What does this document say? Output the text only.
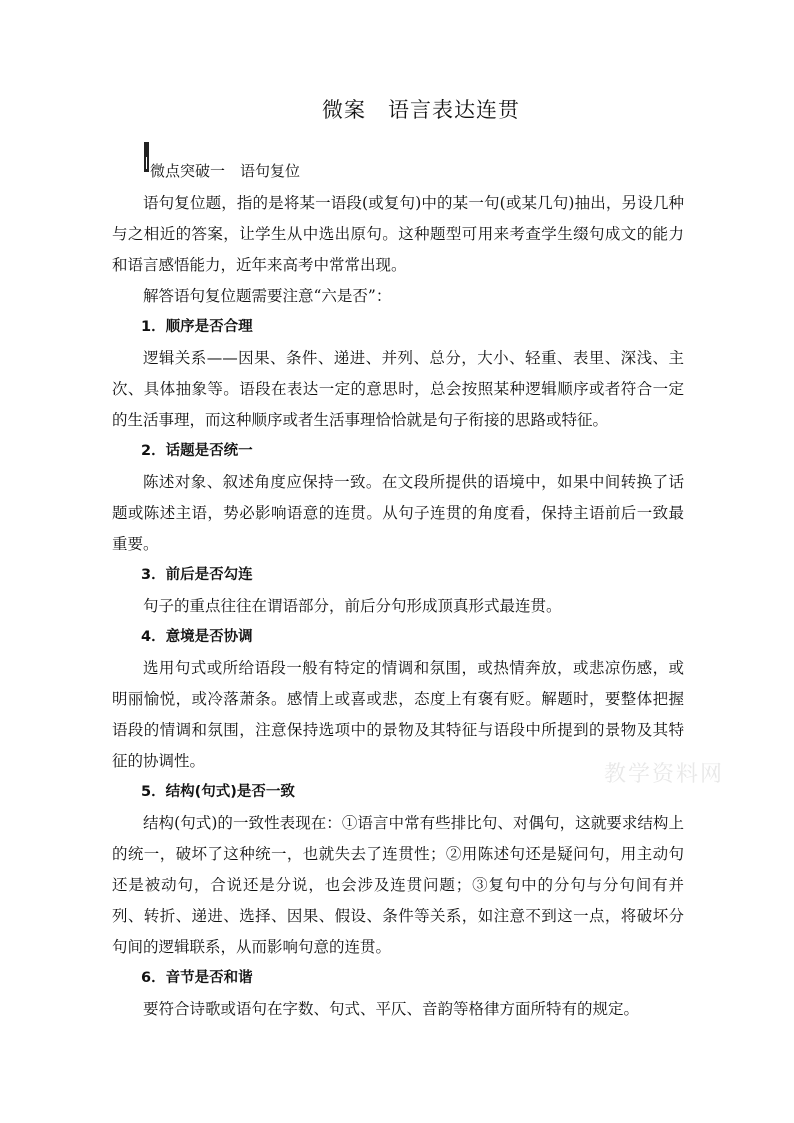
微案　语言表达连贯
微点突破一　语句复位

语句复位题，指的是将某一语段(或复句)中的某一句(或某几句)抽出，另设几种与之相近的答案，让学生从中选出原句。这种题型可用来考查学生缀句成文的能力和语言感悟能力，近年来高考中常常出现。

解答语句复位题需要注意“六是否”：

1．顺序是否合理

逻辑关系——因果、条件、递进、并列、总分，大小、轻重、表里、深浅、主次、具体抽象等。语段在表达一定的意思时，总会按照某种逻辑顺序或者符合一定的生活事理，而这种顺序或者生活事理恰恰就是句子衔接的思路或特征。

2．话题是否统一

陈述对象、叙述角度应保持一致。在文段所提供的语境中，如果中间转换了话题或陈述主语，势必影响语意的连贯。从句子连贯的角度看，保持主语前后一致最重要。

3．前后是否勾连

句子的重点往往在谓语部分，前后分句形成顶真形式最连贯。

4．意境是否协调

选用句式或所给语段一般有特定的情调和氛围，或热情奔放，或悲凉伤感，或明丽愉悦，或冷落萧条。感情上或喜或悲，态度上有褒有贬。解题时，要整体把握语段的情调和氛围，注意保持选项中的景物及其特征与语段中所提到的景物及其特征的协调性。

5．结构(句式)是否一致

结构(句式)的一致性表现在：①语言中常有些排比句、对偶句，这就要求结构上的统一，破坏了这种统一，也就失去了连贯性；②用陈述句还是疑问句，用主动句还是被动句，合说还是分说，也会涉及连贯问题；③复句中的分句与分句间有并列、转折、递进、选择、因果、假设、条件等关系，如注意不到这一点，将破坏分句间的逻辑联系，从而影响句意的连贯。

6．音节是否和谐

要符合诗歌或语句在字数、句式、平仄、音韵等格律方面所特有的规定。

教学资料网
